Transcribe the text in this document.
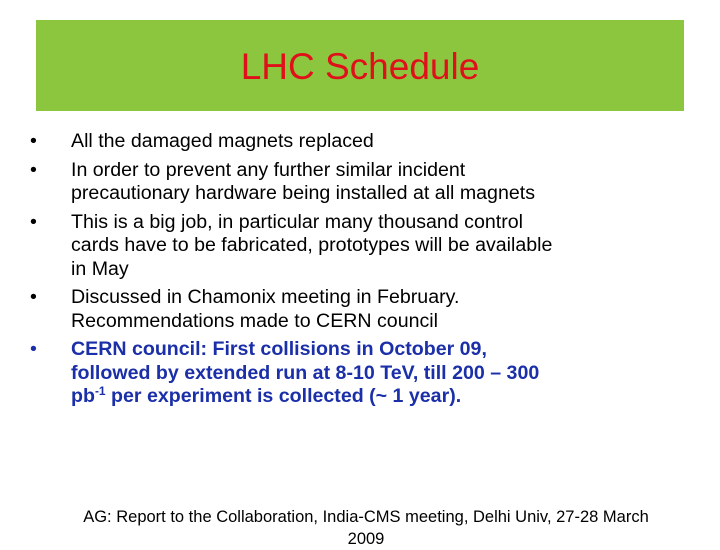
LHC Schedule
•	All the damaged magnets replaced
•	In order to prevent any further similar incident
precautionary hardware being installed at all magnets
•	This is a big job, in particular many thousand control
cards have to be fabricated, prototypes will be available
in May
•	Discussed in Chamonix meeting in February.
Recommendations made to CERN council
•	CERN council: First collisions in October 09,
followed by extended run at 8-10 TeV, till 200 – 300
$pb^{-1}$ per experiment is collected (~ 1 year).
AG: Report to the Collaboration, India-CMS meeting, Delhi Univ, 27-28 March
2009
